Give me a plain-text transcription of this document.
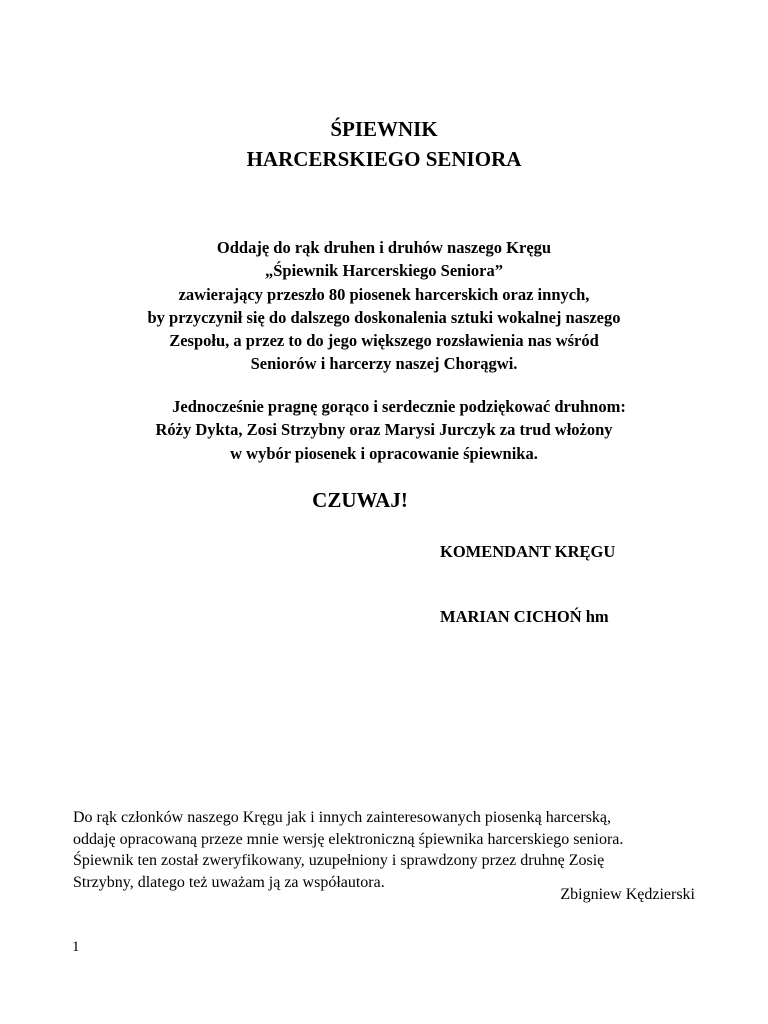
ŚPIEWNIK
HARCERSKIEGO SENIORA
Oddaję do rąk druhen i druhów naszego Kręgu
„Śpiewnik Harcerskiego Seniora”
zawierający przeszło 80 piosenek harcerskich oraz innych,
by przyczynił się do dalszego doskonalenia sztuki wokalnej naszego
Zespołu, a przez to do jego większego rozsławienia nas wśród
Seniorów i harcerzy naszej Chorągwi.
Jednocześnie pragnę gorąco i serdecznie podziękować druhnom:
Róży Dykta, Zosi Strzybny oraz Marysi Jurczyk za trud włożony
w wybór piosenek i opracowanie śpiewnika.
CZUWAJ!
KOMENDANT KRĘGU
MARIAN CICHOŃ hm
Do rąk członków naszego Kręgu jak i innych zainteresowanych piosenką harcerską,
oddaję opracowaną przeze mnie wersję elektroniczną śpiewnika harcerskiego seniora.
Śpiewnik ten został zweryfikowany, uzupełniony i sprawdzony przez druhnę Zosię
Strzybny, dlatego też uważam ją za współautora.
Zbigniew Kędzierski
1
